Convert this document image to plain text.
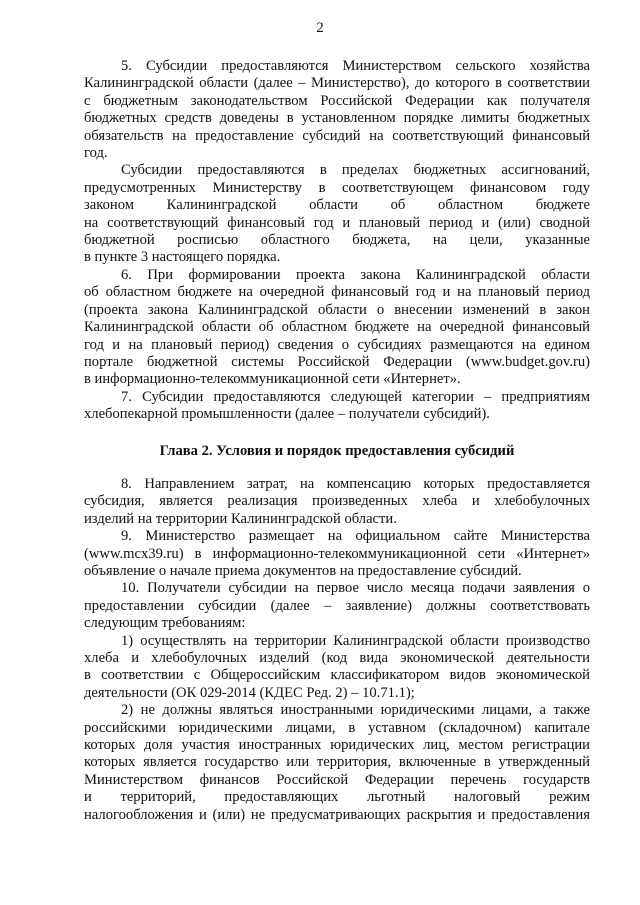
2

5. Субсидии предоставляются Министерством сельского хозяйства
Калининградской области (далее – Министерство), до которого в соответствии
с бюджетным законодательством Российской Федерации как получателя
бюджетных средств доведены в установленном порядке лимиты бюджетных
обязательств на предоставление субсидий на соответствующий финансовый
год.

Субсидии предоставляются в пределах бюджетных ассигнований,
предусмотренных Министерству в соответствующем финансовом году
законом Калининградской области об областном бюджете
на соответствующий финансовый год и плановый период и (или) сводной
бюджетной росписью областного бюджета, на цели, указанные
в пункте 3 настоящего порядка.

6. При формировании проекта закона Калининградской области
об областном бюджете на очередной финансовый год и на плановый период
(проекта закона Калининградской области о внесении изменений в закон
Калининградской области об областном бюджете на очередной финансовый
год и на плановый период) сведения о субсидиях размещаются на едином
портале бюджетной системы Российской Федерации (www.budget.gov.ru)
в информационно-телекоммуникационной сети «Интернет».

7. Субсидии предоставляются следующей категории – предприятиям
хлебопекарной промышленности (далее – получатели субсидий).

Глава 2. Условия и порядок предоставления субсидий

8. Направлением затрат, на компенсацию которых предоставляется
субсидия, является реализация произведенных хлеба и хлебобулочных
изделий на территории Калининградской области.

9. Министерство размещает на официальном сайте Министерства
(www.mcx39.ru) в информационно-телекоммуникационной сети «Интернет»
объявление о начале приема документов на предоставление субсидий.

10. Получатели субсидии на первое число месяца подачи заявления о
предоставлении субсидии (далее – заявление) должны соответствовать
следующим требованиям:

1) осуществлять на территории Калининградской области производство
хлеба и хлебобулочных изделий (код вида экономической деятельности
в соответствии с Общероссийским классификатором видов экономической
деятельности (ОК 029-2014 (КДЕС Ред. 2) – 10.71.1);

2) не должны являться иностранными юридическими лицами, а также
российскими юридическими лицами, в уставном (складочном) капитале
которых доля участия иностранных юридических лиц, местом регистрации
которых является государство или территория, включенные в утвержденный
Министерством финансов Российской Федерации перечень государств
и территорий, предоставляющих льготный налоговый режим
налогообложения и (или) не предусматривающих раскрытия и предоставления
